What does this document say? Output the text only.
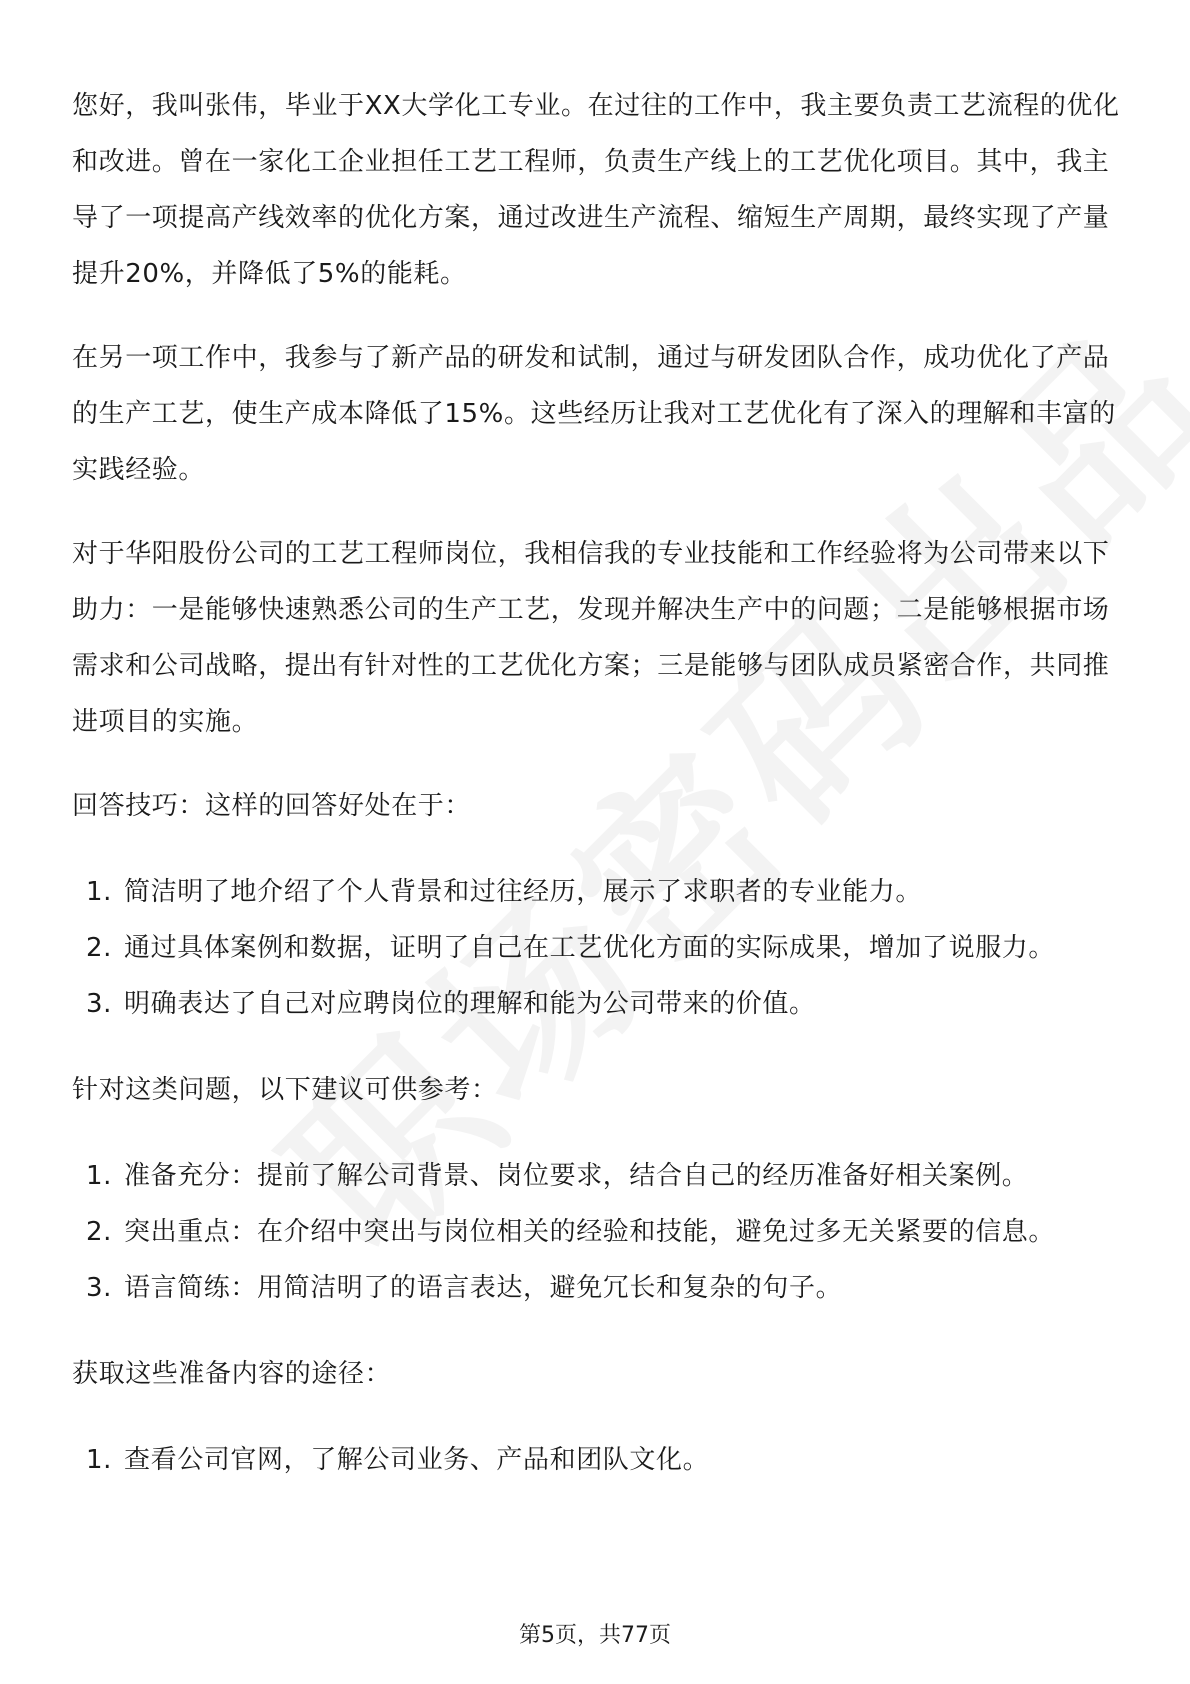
您好，我叫张伟，毕业于XX大学化工专业。在过往的工作中，我主要负责工艺流程的优化和改进。曾在一家化工企业担任工艺工程师，负责生产线上的工艺优化项目。其中，我主导了一项提高产线效率的优化方案，通过改进生产流程、缩短生产周期，最终实现了产量提升20%，并降低了5%的能耗。

在另一项工作中，我参与了新产品的研发和试制，通过与研发团队合作，成功优化了产品的生产工艺，使生产成本降低了15%。这些经历让我对工艺优化有了深入的理解和丰富的实践经验。

对于华阳股份公司的工艺工程师岗位，我相信我的专业技能和工作经验将为公司带来以下助力：一是能够快速熟悉公司的生产工艺，发现并解决生产中的问题；二是能够根据市场需求和公司战略，提出有针对性的工艺优化方案；三是能够与团队成员紧密合作，共同推进项目的实施。

回答技巧：这样的回答好处在于：

1. 简洁明了地介绍了个人背景和过往经历，展示了求职者的专业能力。
2. 通过具体案例和数据，证明了自己在工艺优化方面的实际成果，增加了说服力。
3. 明确表达了自己对应聘岗位的理解和能为公司带来的价值。

针对这类问题，以下建议可供参考：

1. 准备充分：提前了解公司背景、岗位要求，结合自己的经历准备好相关案例。
2. 突出重点：在介绍中突出与岗位相关的经验和技能，避免过多无关紧要的信息。
3. 语言简练：用简洁明了的语言表达，避免冗长和复杂的句子。

获取这些准备内容的途径：

1. 查看公司官网，了解公司业务、产品和团队文化。
第5页，共77页
